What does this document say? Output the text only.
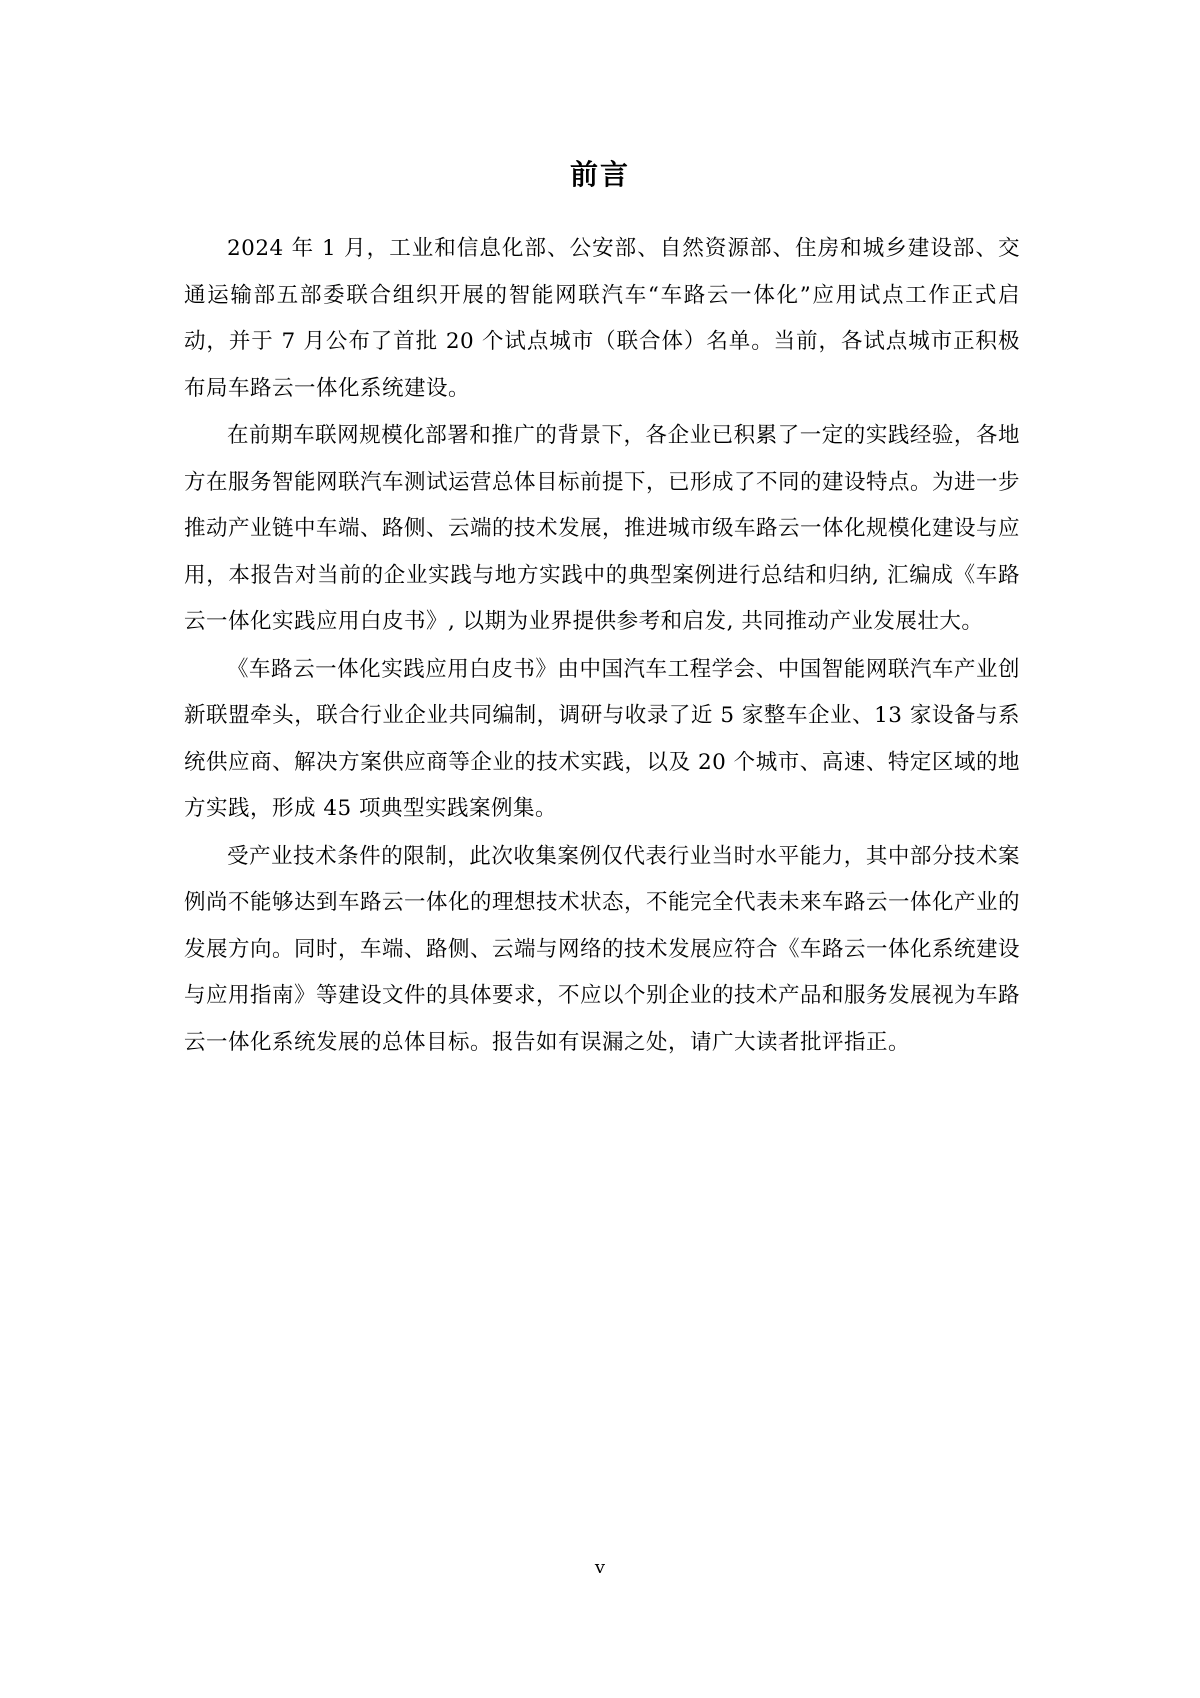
前言

2024 年 1 月，工业和信息化部、公安部、自然资源部、住房和城乡建设部、交通运输部五部委联合组织开展的智能网联汽车“车路云一体化”应用试点工作正式启动，并于 7 月公布了首批 20 个试点城市（联合体）名单。当前，各试点城市正积极布局车路云一体化系统建设。

在前期车联网规模化部署和推广的背景下，各企业已积累了一定的实践经验，各地方在服务智能网联汽车测试运营总体目标前提下，已形成了不同的建设特点。为进一步推动产业链中车端、路侧、云端的技术发展，推进城市级车路云一体化规模化建设与应用，本报告对当前的企业实践与地方实践中的典型案例进行总结和归纳, 汇编成《车路云一体化实践应用白皮书》, 以期为业界提供参考和启发, 共同推动产业发展壮大。

《车路云一体化实践应用白皮书》由中国汽车工程学会、中国智能网联汽车产业创新联盟牵头，联合行业企业共同编制，调研与收录了近 5 家整车企业、13 家设备与系统供应商、解决方案供应商等企业的技术实践，以及 20 个城市、高速、特定区域的地方实践，形成 45 项典型实践案例集。

受产业技术条件的限制，此次收集案例仅代表行业当时水平能力，其中部分技术案例尚不能够达到车路云一体化的理想技术状态，不能完全代表未来车路云一体化产业的发展方向。同时，车端、路侧、云端与网络的技术发展应符合《车路云一体化系统建设与应用指南》等建设文件的具体要求，不应以个别企业的技术产品和服务发展视为车路云一体化系统发展的总体目标。报告如有误漏之处，请广大读者批评指正。

v
